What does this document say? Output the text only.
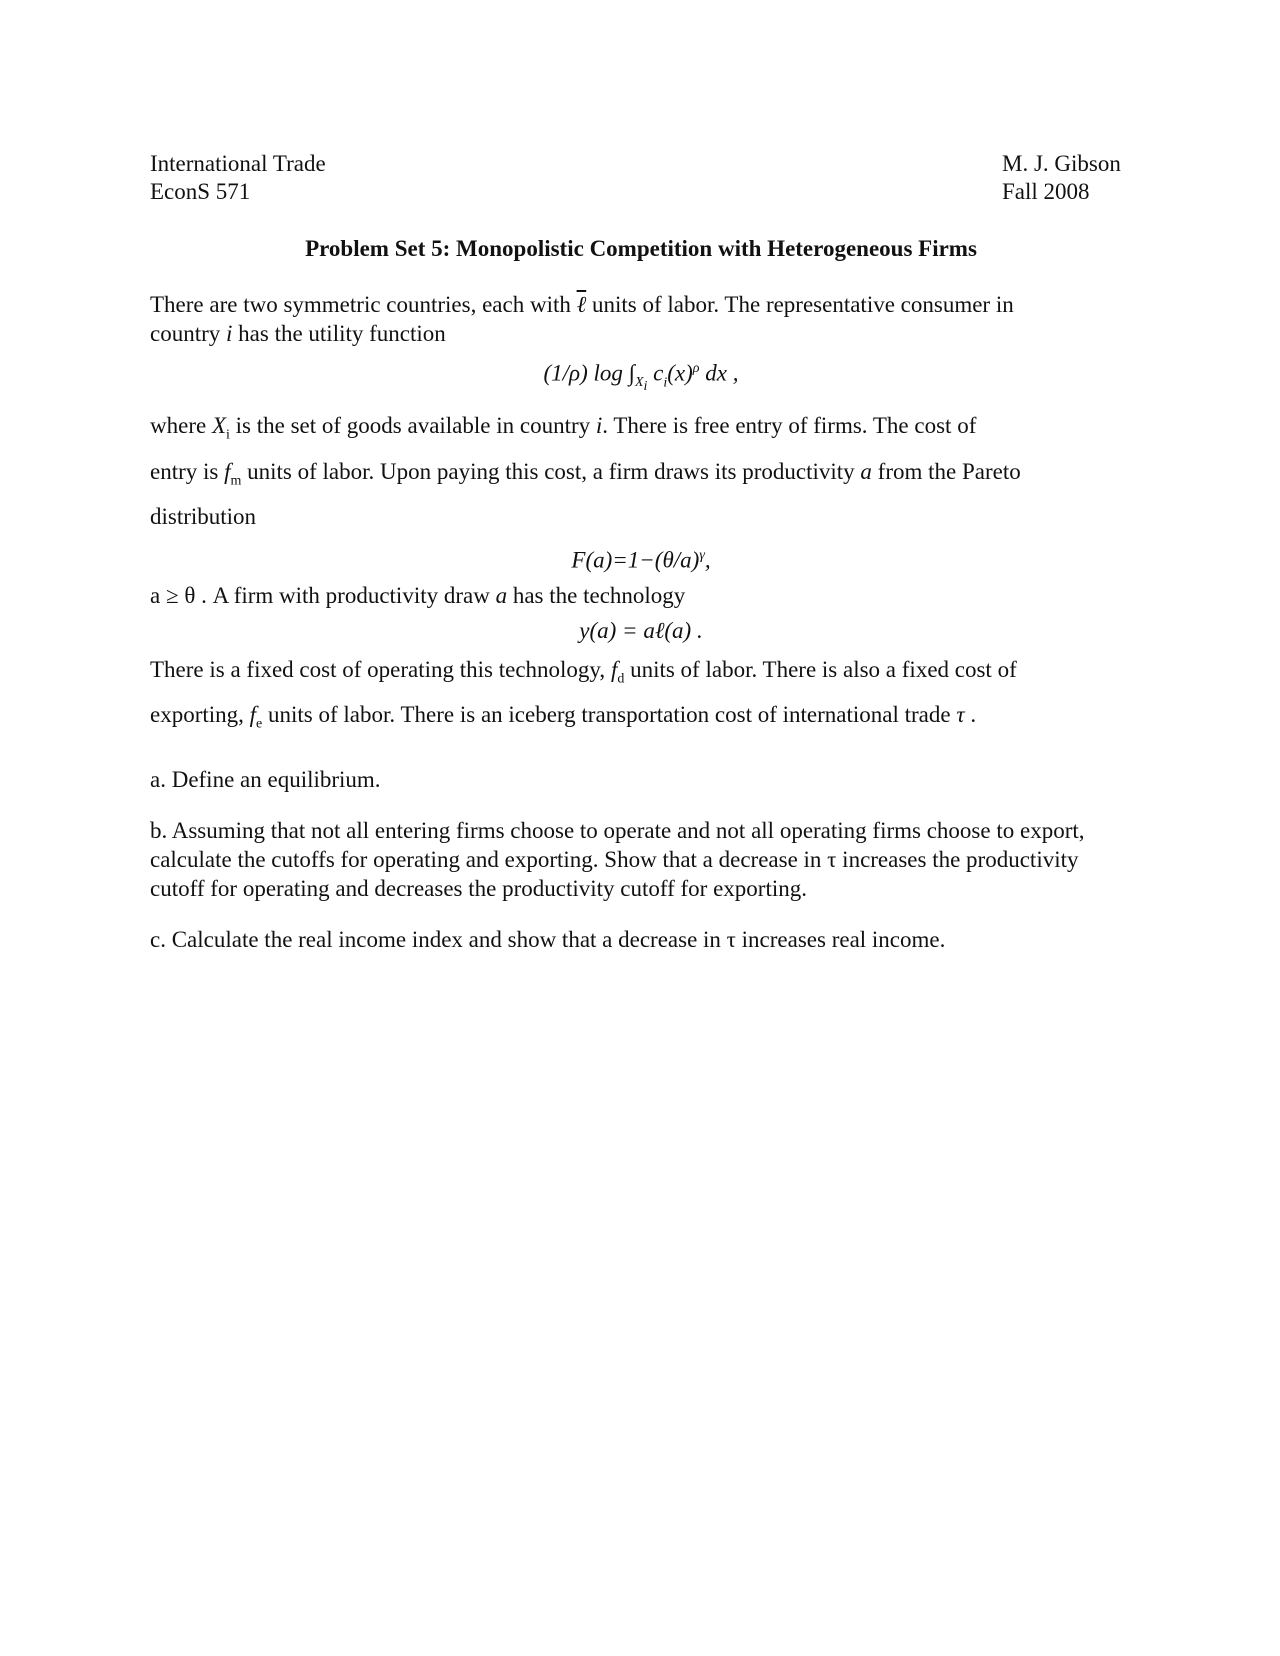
International Trade
EconS 571
M. J. Gibson
Fall 2008
Problem Set 5: Monopolistic Competition with Heterogeneous Firms
There are two symmetric countries, each with ℓ units of labor. The representative consumer in
country i has the utility function
(1/ρ) $\log \int_{X_i}$ $c_i(x)^\rho$ dx ,
where $X_i$ is the set of goods available in country i. There is free entry of firms. The cost of
entry is $f_m$ units of labor. Upon paying this cost, a firm draws its productivity a from the Pareto
distribution
$F(a)=1-(\theta/a)^\gamma$,
a ≥ θ . A firm with productivity draw a has the technology
y(a) = aℓ(a) .
There is a fixed cost of operating this technology, $f_d$ units of labor. There is also a fixed cost of
exporting, $f_e$ units of labor. There is an iceberg transportation cost of international trade τ .
a. Define an equilibrium.
b. Assuming that not all entering firms choose to operate and not all operating firms choose to export, calculate the cutoffs for operating and exporting. Show that a decrease in τ increases the productivity cutoff for operating and decreases the productivity cutoff for exporting.
c. Calculate the real income index and show that a decrease in τ increases real income.
